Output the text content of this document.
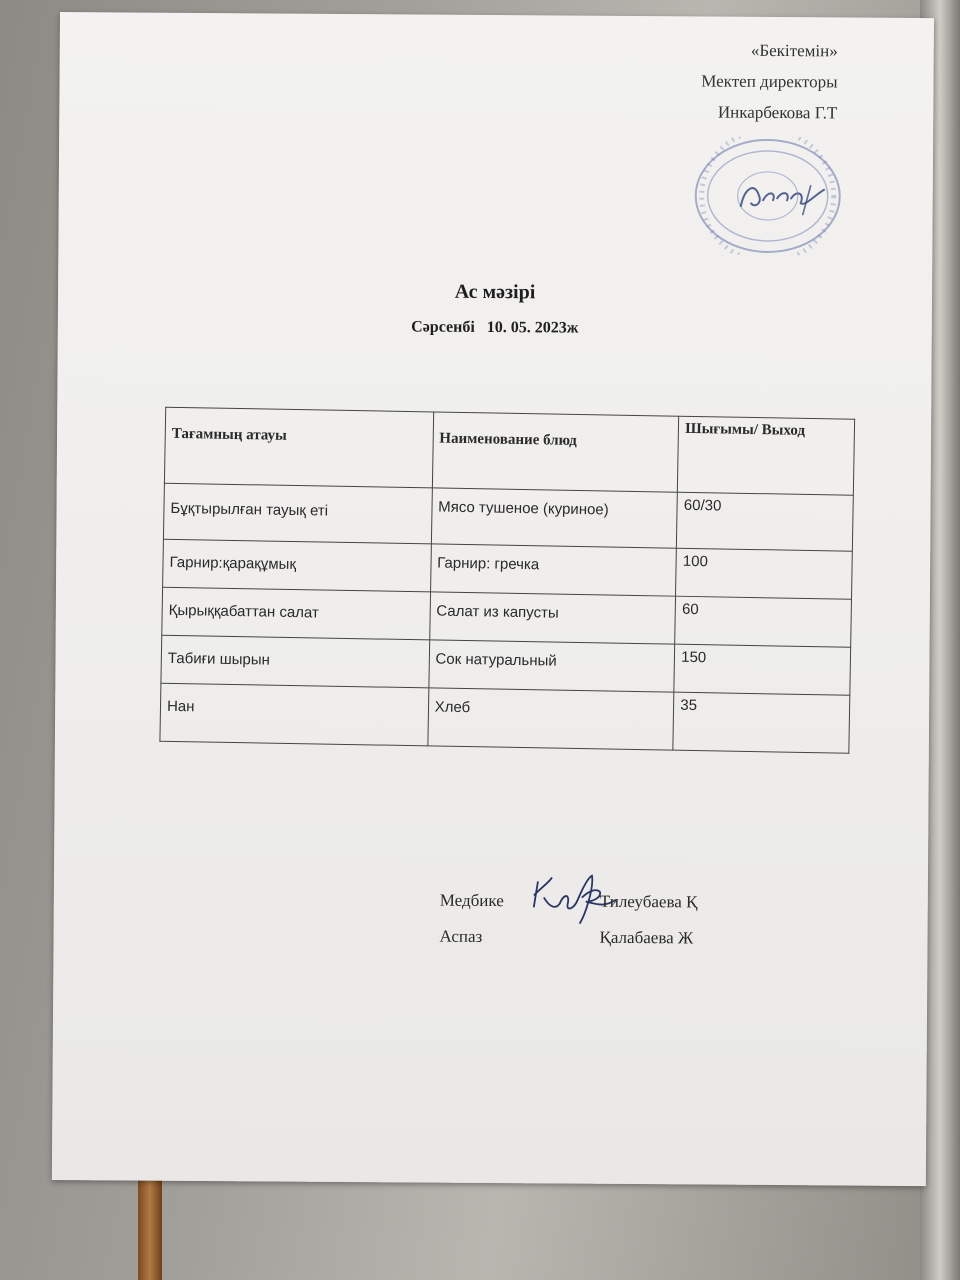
«Бекітемін»
Мектеп директоры
Инкарбекова Г.Т
Ас мәзірі
Сәрсенбі 10. 05. 2023ж
Тағамның атауы	Наименование блюд	Шығымы/ Выход
Бұқтырылған тауық еті	Мясо тушеное (куриное)	60/30
Гарнир:қарақұмық	Гарнир: гречка	100
Қырыққабаттан салат	Салат из капусты	60
Табиғи шырын	Сок натуральный	150
Нан	Хлеб	35
Медбике	Тилеубаева Қ
Аспаз	Қалабаева Ж
